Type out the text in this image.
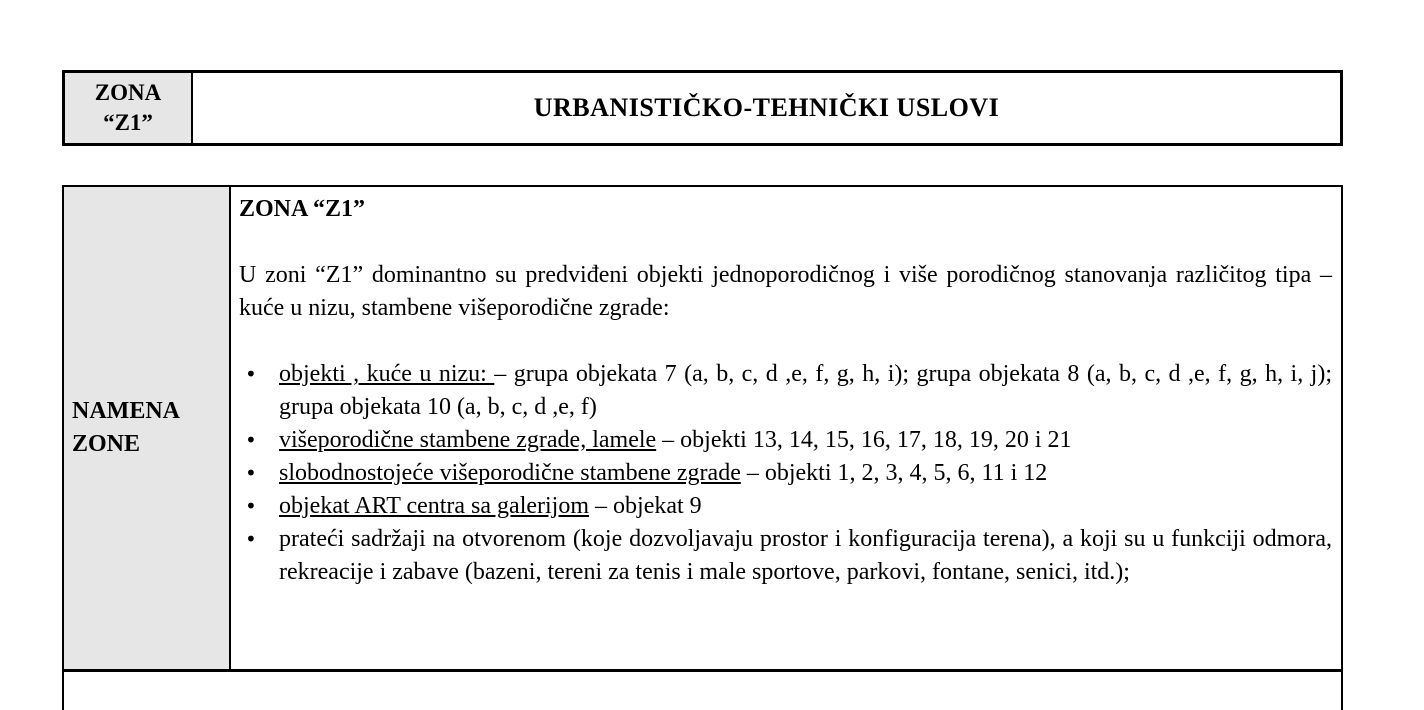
ZONA
“Z1”
URBANISTIČKO-TEHNIČKI USLOVI
NAMENA
ZONE
ZONA “Z1”
U zoni “Z1” dominantno su predviđeni objekti jednoporodičnog i više porodičnog stanovanja različitog tipa – kuće u nizu, stambene višeporodične zgrade:
• objekti , kuće u nizu: – grupa objekata 7 (a, b, c, d ,e, f, g, h, i); grupa objekata 8 (a, b, c, d ,e, f, g, h, i, j); grupa objekata 10 (a, b, c, d ,e, f)
• višeporodične stambene zgrade, lamele – objekti 13, 14, 15, 16, 17, 18, 19, 20 i 21
• slobodnostojeće višeporodične stambene zgrade – objekti 1, 2, 3, 4, 5, 6, 11 i 12
• objekat ART centra sa galerijom – objekat 9
• prateći sadržaji na otvorenom (koje dozvoljavaju prostor i konfiguracija terena), a koji su u funkciji odmora, rekreacije i zabave (bazeni, tereni za tenis i male sportove, parkovi, fontane, senici, itd.);
